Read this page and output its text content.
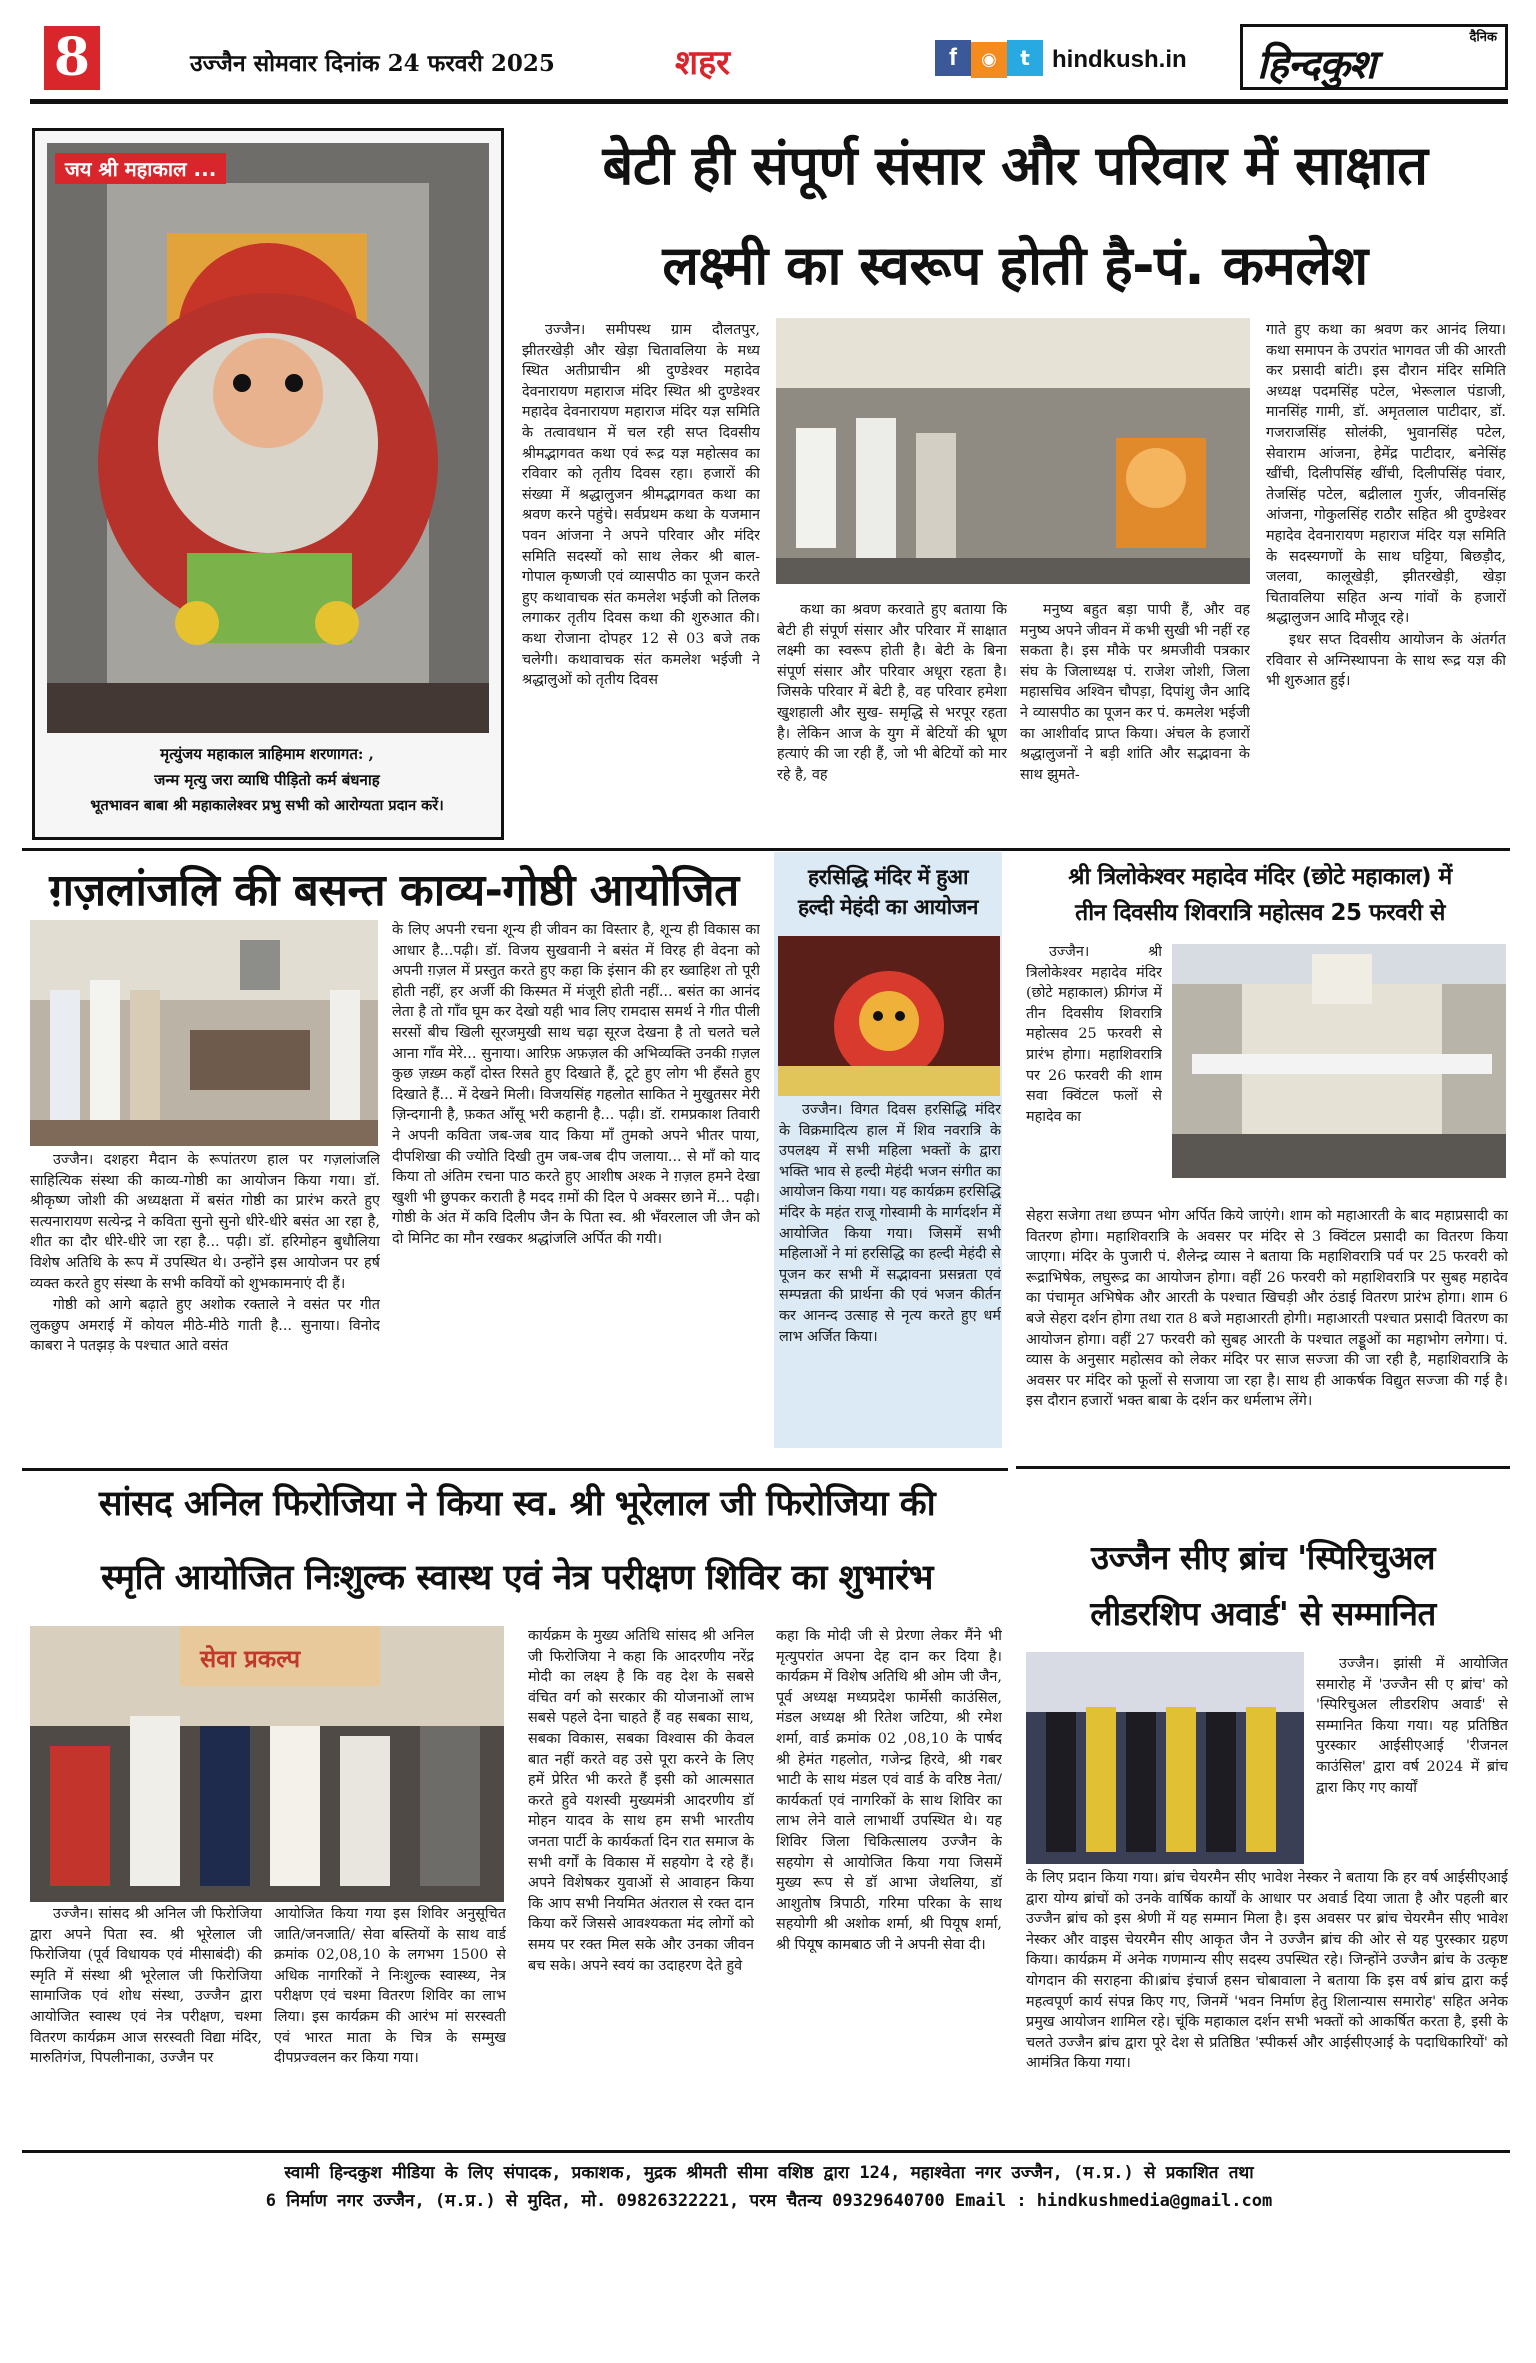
8	उज्जैन सोमवार दिनांक 24 फरवरी 2025	शहर	f ◉ t hindkush.in
दैनिक
हिन्दकुश
जय श्री महाकाल ...
मृत्युंजय महाकाल त्राहिमाम शरणागत: ,
जन्म मृत्यु जरा व्याधि पीड़ितो कर्म बंधनाह
भूतभावन बाबा श्री महाकालेश्वर प्रभु सभी को आरोग्यता प्रदान करें।
बेटी ही संपूर्ण संसार और परिवार में साक्षात
लक्ष्मी का स्वरूप होती है-पं. कमलेश

उज्जैन। समीपस्थ ग्राम दौलतपुर, झीतरखेड़ी और खेड़ा चितावलिया के मध्य स्थित अतीप्राचीन श्री दुण्डेश्वर महादेव देवनारायण महाराज मंदिर स्थित श्री दुण्डेश्वर महादेव देवनारायण महाराज मंदिर यज्ञ समिति के तत्वावधान में चल रही सप्त दिवसीय श्रीमद्भागवत कथा एवं रूद्र यज्ञ महोत्सव का रविवार को तृतीय दिवस रहा। हजारों की संख्या में श्रद्धालुजन श्रीमद्भागवत कथा का श्रवण करने पहुंचे। सर्वप्रथम कथा के यजमान पवन आंजना ने अपने परिवार और मंदिर समिति सदस्यों को साथ लेकर श्री बाल- गोपाल कृष्णजी एवं व्यासपीठ का पूजन करते हुए कथावाचक संत कमलेश भईजी को तिलक लगाकर तृतीय दिवस कथा की शुरुआत की। कथा रोजाना दोपहर 12 से 03 बजे तक चलेगी। कथावाचक संत कमलेश भईजी ने श्रद्धालुओं को तृतीय दिवस

कथा का श्रवण करवाते हुए बताया कि बेटी ही संपूर्ण संसार और परिवार में साक्षात लक्ष्मी का स्वरूप होती है। बेटी के बिना संपूर्ण संसार और परिवार अधूरा रहता है। जिसके परिवार में बेटी है, वह परिवार हमेशा खुशहाली और सुख- समृद्धि से भरपूर रहता है। लेकिन आज के युग में बेटियों की भ्रूण हत्याएं की जा रही हैं, जो भी बेटियों को मार रहे है, वह

मनुष्य बहुत बड़ा पापी हैं, और वह मनुष्य अपने जीवन में कभी सुखी भी नहीं रह सकता है। इस मौके पर श्रमजीवी पत्रकार संघ के जिलाध्यक्ष पं. राजेश जोशी, जिला महासचिव अश्विन चौपड़ा, दिपांशु जैन आदि ने व्यासपीठ का पूजन कर पं. कमलेश भईजी का आशीर्वाद प्राप्त किया। अंचल के हजारों श्रद्धालुजनों ने बड़ी शांति और सद्भावना के साथ झुमते-

गाते हुए कथा का श्रवण कर आनंद लिया। कथा समापन के उपरांत भागवत जी की आरती कर प्रसादी बांटी। इस दौरान मंदिर समिति अध्यक्ष पदमसिंह पटेल, भेरूलाल पंडाजी, मानसिंह गामी, डॉ. अमृतलाल पाटीदार, डॉ. गजराजसिंह सोलंकी, भुवानसिंह पटेल, सेवाराम आंजना, हेमेंद्र पाटीदार, बनेसिंह खींची, दिलीपसिंह खींची, दिलीपसिंह पंवार, तेजसिंह पटेल, बद्रीलाल गुर्जर, जीवनसिंह आंजना, गोकुलसिंह राठौर सहित श्री दुण्डेश्वर महादेव देवनारायण महाराज मंदिर यज्ञ समिति के सदस्यगणों के साथ घट्टिया, बिछड़ौद, जलवा, कालूखेड़ी, झीतरखेड़ी, खेड़ा चितावलिया सहित अन्य गांवों के हजारों श्रद्धालुजन आदि मौजूद रहे।

इधर सप्त दिवसीय आयोजन के अंतर्गत रविवार से अग्निस्थापना के साथ रूद्र यज्ञ की भी शुरुआत हुई।

ग़ज़लांजलि की बसन्त काव्य-गोष्ठी आयोजित

उज्जैन। दशहरा मैदान के रूपांतरण हाल पर गज़लांजलि साहित्यिक संस्था की काव्य-गोष्ठी का आयोजन किया गया। डॉ. श्रीकृष्ण जोशी की अध्यक्षता में बसंत गोष्ठी का प्रारंभ करते हुए सत्यनारायण सत्येन्द्र ने कविता सुनो सुनो धीरे-धीरे बसंत आ रहा है, शीत का दौर धीरे-धीरे जा रहा है... पढ़ी। डॉ. हरिमोहन बुधौलिया विशेष अतिथि के रूप में उपस्थित थे। उन्होंने इस आयोजन पर हर्ष व्यक्त करते हुए संस्था के सभी कवियों को शुभकामनाएं दी हैं।

गोष्ठी को आगे बढ़ाते हुए अशोक रक्ताले ने वसंत पर गीत लुकछुप अमराई में कोयल मीठे-मीठे गाती है... सुनाया। विनोद काबरा ने पतझड़ के पश्चात आते वसंत

के लिए अपनी रचना शून्य ही जीवन का विस्तार है, शून्य ही विकास का आधार है...पढ़ी। डॉ. विजय सुखवानी ने बसंत में विरह ही वेदना को अपनी ग़ज़ल में प्रस्तुत करते हुए कहा कि इंसान की हर ख्वाहिश तो पूरी होती नहीं, हर अर्जी की किस्मत में मंजूरी होती नहीं... बसंत का आनंद लेता है तो गाँव घूम कर देखो यही भाव लिए रामदास समर्थ ने गीत पीली सरसों बीच खिली सूरजमुखी साथ चढ़ा सूरज देखना है तो चलते चले आना गाँव मेरे... सुनाया। आरिफ़ अफ़ज़ल की अभिव्यक्ति उनकी ग़ज़ल कुछ ज़ख़्म कहाँ दोस्त रिसते हुए दिखाते हैं, टूटे हुए लोग भी हँसते हुए दिखाते हैं... में देखने मिली। विजयसिंह गहलोत साकित ने मुखुतसर मेरी ज़िन्दगानी है, फ़कत आँसू भरी कहानी है... पढ़ी। डॉ. रामप्रकाश तिवारी ने अपनी कविता जब-जब याद किया माँ तुमको अपने भीतर पाया, दीपशिखा की ज्योति दिखी तुम जब-जब दीप जलाया... से माँ को याद किया तो अंतिम रचना पाठ करते हुए आशीष अश्क ने ग़ज़ल हमने देखा खुशी भी छुपकर कराती है मदद ग़मों की दिल पे अक्सर छाने में... पढ़ी। गोष्ठी के अंत में कवि दिलीप जैन के पिता स्व. श्री भँवरलाल जी जैन को दो मिनिट का मौन रखकर श्रद्धांजलि अर्पित की गयी।

हरसिद्धि मंदिर में हुआ
हल्दी मेहंदी का आयोजन

उज्जैन। विगत दिवस हरसिद्धि मंदिर के विक्रमादित्य हाल में शिव नवरात्रि के उपलक्ष्य में सभी महिला भक्तों के द्वारा भक्ति भाव से हल्दी मेहंदी भजन संगीत का आयोजन किया गया। यह कार्यक्रम हरसिद्धि मंदिर के महंत राजू गोस्वामी के मार्गदर्शन में आयोजित किया गया। जिसमें सभी महिलाओं ने मां हरसिद्धि का हल्दी मेहंदी से पूजन कर सभी में सद्भावना प्रसन्नता एवं सम्पन्नता की प्रार्थना की एवं भजन कीर्तन कर आनन्द उत्साह से नृत्य करते हुए धर्म लाभ अर्जित किया।

श्री त्रिलोकेश्वर महादेव मंदिर (छोटे महाकाल) में
तीन दिवसीय शिवरात्रि महोत्सव 25 फरवरी से

उज्जैन। श्री त्रिलोकेश्वर महादेव मंदिर (छोटे महाकाल) फ्रीगंज में तीन दिवसीय शिवरात्रि महोत्सव 25 फरवरी से प्रारंभ होगा। महाशिवरात्रि पर 26 फरवरी की शाम सवा क्विंटल फलों से महादेव का

सेहरा सजेगा तथा छप्पन भोग अर्पित किये जाएंगे। शाम को महाआरती के बाद महाप्रसादी का वितरण होगा। महाशिवरात्रि के अवसर पर मंदिर से 3 क्विंटल प्रसादी का वितरण किया जाएगा। मंदिर के पुजारी पं. शैलेन्द्र व्यास ने बताया कि महाशिवरात्रि पर्व पर 25 फरवरी को रूद्राभिषेक, लघुरूद्र का आयोजन होगा। वहीं 26 फरवरी को महाशिवरात्रि पर सुबह महादेव का पंचामृत अभिषेक और आरती के पश्चात खिचड़ी और ठंडाई वितरण प्रारंभ होगा। शाम 6 बजे सेहरा दर्शन होगा तथा रात 8 बजे महाआरती होगी। महाआरती पश्चात प्रसादी वितरण का आयोजन होगा। वहीं 27 फरवरी को सुबह आरती के पश्चात लड्डूओं का महाभोग लगेगा। पं. व्यास के अनुसार महोत्सव को लेकर मंदिर पर साज सज्जा की जा रही है, महाशिवरात्रि के अवसर पर मंदिर को फूलों से सजाया जा रहा है। साथ ही आकर्षक विद्युत सज्जा की गई है। इस दौरान हजारों भक्त बाबा के दर्शन कर धर्मलाभ लेंगे।

सांसद अनिल फिरोजिया ने किया स्व. श्री भूरेलाल जी फिरोजिया की
स्मृति आयोजित निःशुल्क स्वास्थ एवं नेत्र परीक्षण शिविर का शुभारंभ
सेवा प्रकल्प

उज्जैन। सांसद श्री अनिल जी फिरोजिया द्वारा अपने पिता स्व. श्री भूरेलाल जी फिरोजिया (पूर्व विधायक एवं मीसाबंदी) की स्मृति में संस्था श्री भूरेलाल जी फिरोजिया सामाजिक एवं शोध संस्था, उज्जैन द्वारा आयोजित स्वास्थ एवं नेत्र परीक्षण, चश्मा वितरण कार्यक्रम आज सरस्वती विद्या मंदिर, मारुतिगंज, पिपलीनाका, उज्जैन पर

आयोजित किया गया इस शिविर अनुसूचित जाति/जनजाति/ सेवा बस्तियों के साथ वार्ड क्रमांक 02,08,10 के लगभग 1500 से अधिक नागरिकों ने निःशुल्क स्वास्थ्य, नेत्र परीक्षण एवं चश्मा वितरण शिविर का लाभ लिया। इस कार्यक्रम की आरंभ मां सरस्वती एवं भारत माता के चित्र के सम्मुख दीपप्रज्वलन कर किया गया।

कार्यक्रम के मुख्य अतिथि सांसद श्री अनिल जी फिरोजिया ने कहा कि आदरणीय नरेंद्र मोदी का लक्ष्य है कि वह देश के सबसे वंचित वर्ग को सरकार की योजनाओं लाभ सबसे पहले देना चाहते हैं वह सबका साथ, सबका विकास, सबका विश्वास की केवल बात नहीं करते वह उसे पूरा करने के लिए हमें प्रेरित भी करते हैं इसी को आत्मसात करते हुवे यशस्वी मुख्यमंत्री आदरणीय डॉ मोहन यादव के साथ हम सभी भारतीय जनता पार्टी के कार्यकर्ता दिन रात समाज के सभी वर्गों के विकास में सहयोग दे रहे हैं। अपने विशेषकर युवाओं से आवाहन किया कि आप सभी नियमित अंतराल से रक्त दान किया करें जिससे आवश्यकता मंद लोगों को समय पर रक्त मिल सके और उनका जीवन बच सके। अपने स्वयं का उदाहरण देते हुवे

कहा कि मोदी जी से प्रेरणा लेकर मैंने भी मृत्युपरांत अपना देह दान कर दिया है। कार्यक्रम में विशेष अतिथि श्री ओम जी जैन, पूर्व अध्यक्ष मध्यप्रदेश फार्मेसी काउंसिल, मंडल अध्यक्ष श्री रितेश जटिया, श्री रमेश शर्मा, वार्ड क्रमांक 02 ,08,10 के पार्षद श्री हेमंत गहलोत, गजेन्द्र हिरवे, श्री गबर भाटी के साथ मंडल एवं वार्ड के वरिष्ठ नेता/ कार्यकर्ता एवं नागरिकों के साथ शिविर का लाभ लेने वाले लाभार्थी उपस्थित थे। यह शिविर जिला चिकित्सालय उज्जैन के सहयोग से आयोजित किया गया जिसमें मुख्य रूप से डॉ आभा जेथलिया, डॉ आशुतोष त्रिपाठी, गरिमा परिका के साथ सहयोगी श्री अशोक शर्मा, श्री पियूष शर्मा, श्री पियूष कामबाठ जी ने अपनी सेवा दी।

उज्जैन सीए ब्रांच 'स्पिरिचुअल
लीडरशिप अवार्ड' से सम्मानित

उज्जैन। झांसी में आयोजित समारोह में 'उज्जैन सी ए ब्रांच' को 'स्पिरिचुअल लीडरशिप अवार्ड' से सम्मानित किया गया। यह प्रतिष्ठित पुरस्कार आईसीएआई 'रीजनल काउंसिल' द्वारा वर्ष 2024 में ब्रांच द्वारा किए गए कार्यों

के लिए प्रदान किया गया। ब्रांच चेयरमैन सीए भावेश नेस्कर ने बताया कि हर वर्ष आईसीएआई द्वारा योग्य ब्रांचों को उनके वार्षिक कार्यों के आधार पर अवार्ड दिया जाता है और पहली बार उज्जैन ब्रांच को इस श्रेणी में यह सम्मान मिला है। इस अवसर पर ब्रांच चेयरमैन सीए भावेश नेस्कर और वाइस चेयरमैन सीए आकृत जैन ने उज्जैन ब्रांच की ओर से यह पुरस्कार ग्रहण किया। कार्यक्रम में अनेक गणमान्य सीए सदस्य उपस्थित रहे। जिन्होंने उज्जैन ब्रांच के उत्कृष्ट योगदान की सराहना की।ब्रांच इंचार्ज हसन चोबावाला ने बताया कि इस वर्ष ब्रांच द्वारा कई महत्वपूर्ण कार्य संपन्न किए गए, जिनमें 'भवन निर्माण हेतु शिलान्यास समारोह' सहित अनेक प्रमुख आयोजन शामिल रहे। चूंकि महाकाल दर्शन सभी भक्तों को आकर्षित करता है, इसी के चलते उज्जैन ब्रांच द्वारा पूरे देश से प्रतिष्ठित 'स्पीकर्स और आईसीएआई के पदाधिकारियों' को आमंत्रित किया गया।

स्वामी हिन्दकुश मीडिया के लिए संपादक, प्रकाशक, मुद्रक श्रीमती सीमा वशिष्ठ द्वारा 124, महाश्वेता नगर उज्जैन, (म.प्र.) से प्रकाशित तथा
6 निर्माण नगर उज्जैन, (म.प्र.) से मुदित, मो. 09826322221, परम चैतन्य 09329640700 Email : hindkushmedia@gmail.com
